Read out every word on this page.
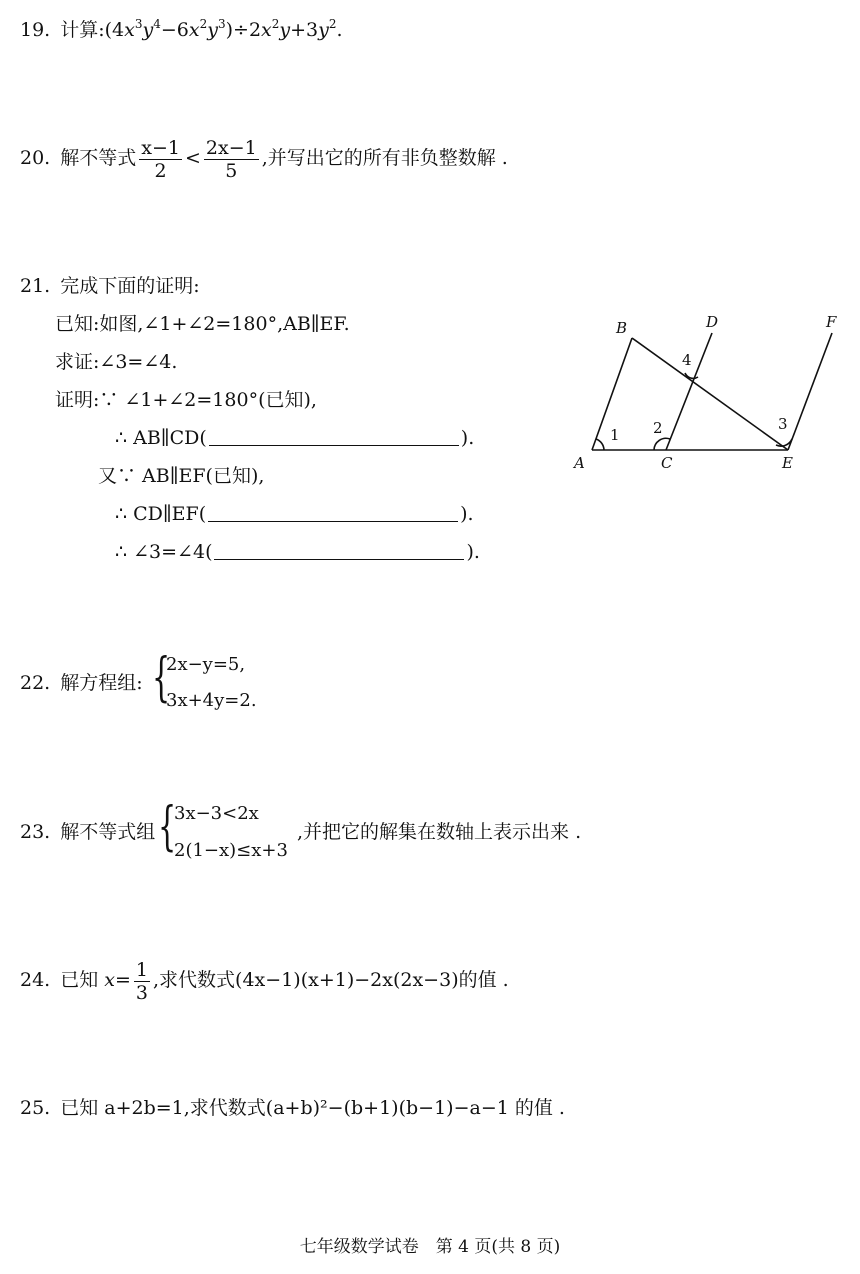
19. 计算$:(4x^3y^4-6x^2y^3)\div 2x^2y+3y^2$.
20. 解不等式 $\frac{x-1}{2} < \frac{2x-1}{5}$ ,并写出它的所有非负整数解 .
21. 完成下面的证明:
已知:如图,∠1+∠2=180°,AB∥EF.
求证:∠3=∠4.
证明:∵ ∠1+∠2=180°(已知),
∴ AB∥CD(	).
又∵ AB∥EF(已知),
∴ CD∥EF(	).
∴ ∠3=∠4(	).
B	D	F
A	C	E
1 2	3
4
22. 解方程组: {
2x−y=5,
3x+4y=2.
23. 解不等式组 {
3x−3<2x
2(1−x)≤x+3
,并把它的解集在数轴上表示出来 .
24. 已知 $x= \frac{1}{3}$ ,求代数式(4x−1)(x+1)−2x(2x−3)的值 .
25. 已知 a+2b=1,求代数式(a+b)²−(b+1)(b−1)−a−1 的值 .
七年级数学试卷　第 4 页(共 8 页)
